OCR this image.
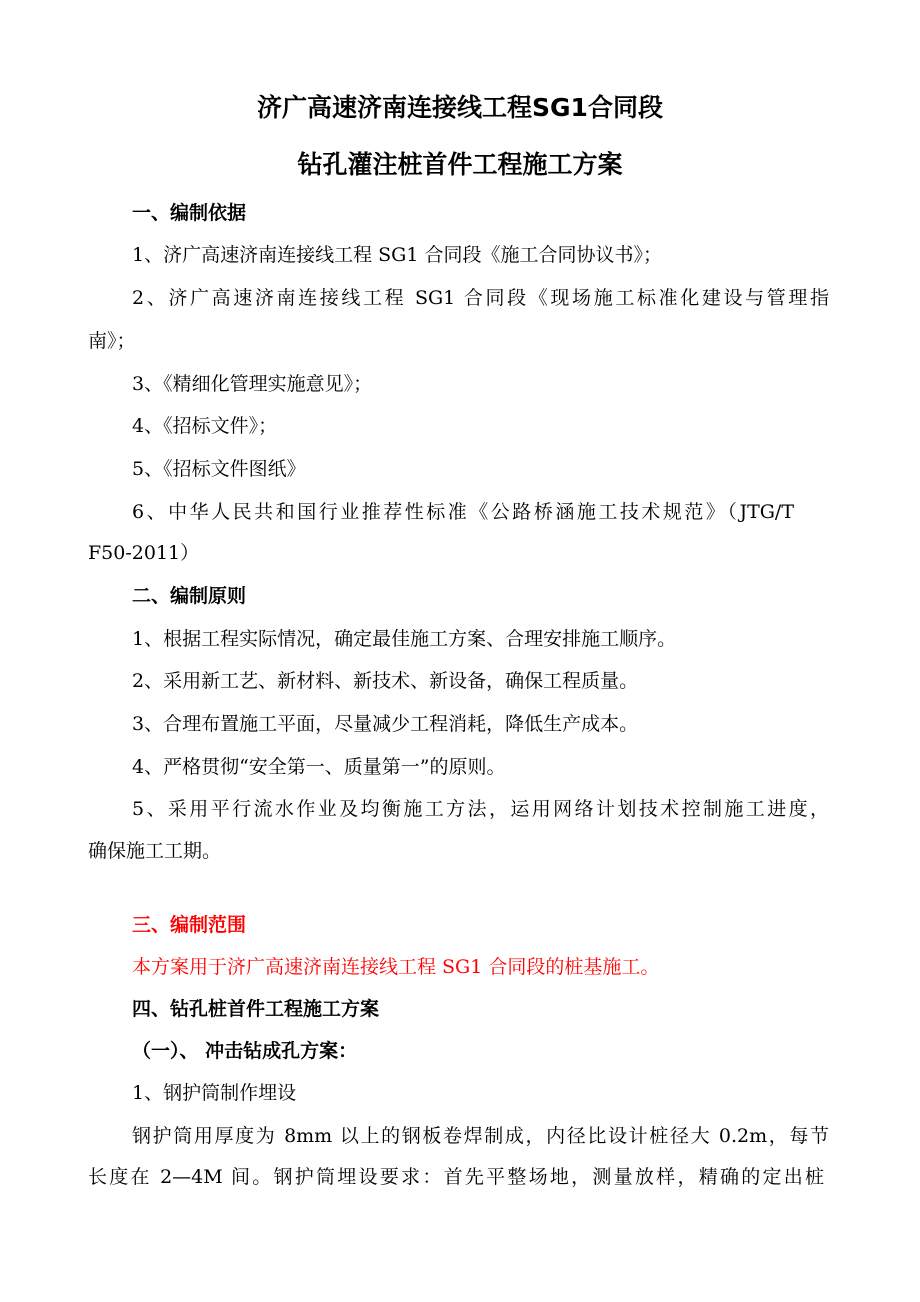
济广高速济南连接线工程SG1合同段

钻孔灌注桩首件工程施工方案

一、编制依据

1、济广高速济南连接线工程 SG1 合同段《施工合同协议书》；

2、济广高速济南连接线工程 SG1 合同段《现场施工标准化建设与管理指

南》；

3、《精细化管理实施意见》；

4、《招标文件》；

5、《招标文件图纸》

6、中华人民共和国行业推荐性标准《公路桥涵施工技术规范》（JTG/T

F50-2011）

二、编制原则

1、根据工程实际情况，确定最佳施工方案、合理安排施工顺序。

2、采用新工艺、新材料、新技术、新设备，确保工程质量。

3、合理布置施工平面，尽量减少工程消耗，降低生产成本。

4、严格贯彻“安全第一、质量第一”的原则。

5、采用平行流水作业及均衡施工方法，运用网络计划技术控制施工进度，

确保施工工期。

三、编制范围

本方案用于济广高速济南连接线工程 SG1 合同段的桩基施工。

四、钻孔桩首件工程施工方案

（一）、 冲击钻成孔方案：

1、钢护筒制作埋设

钢护筒用厚度为 8mm 以上的钢板卷焊制成，内径比设计桩径大 0.2m，每节

长度在 2—4M 间。钢护筒埋设要求：首先平整场地，测量放样，精确的定出桩
